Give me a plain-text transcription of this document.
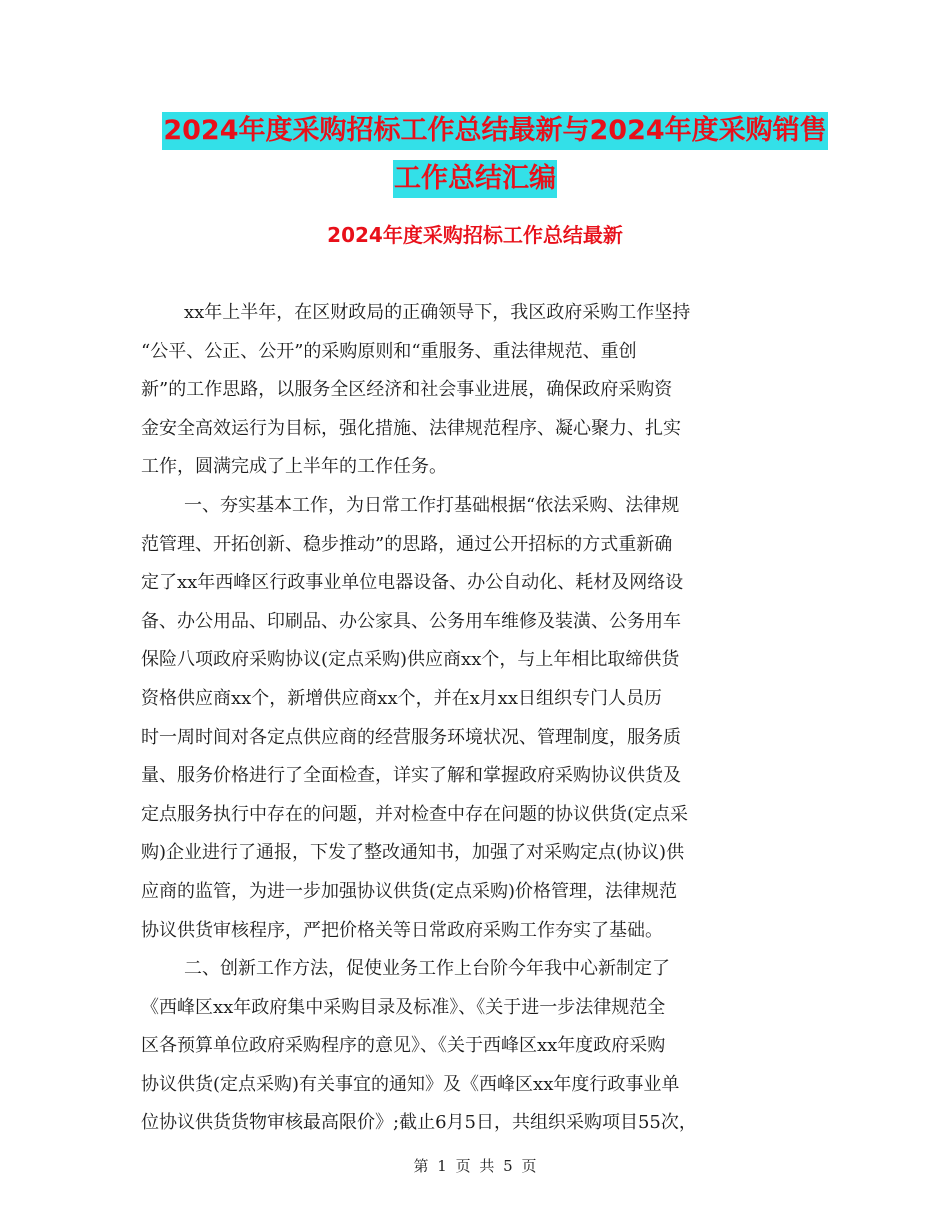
2024年度采购招标工作总结最新与2024年度采购销售
工作总结汇编
2024年度采购招标工作总结最新
xx年上半年，在区财政局的正确领导下，我区政府采购工作坚持
“公平、公正、公开”的采购原则和“重服务、重法律规范、重创
新”的工作思路，以服务全区经济和社会事业进展，确保政府采购资
金安全高效运行为目标，强化措施、法律规范程序、凝心聚力、扎实
工作，圆满完成了上半年的工作任务。
一、夯实基本工作，为日常工作打基础根据“依法采购、法律规
范管理、开拓创新、稳步推动”的思路，通过公开招标的方式重新确
定了xx年西峰区行政事业单位电器设备、办公自动化、耗材及网络设
备、办公用品、印刷品、办公家具、公务用车维修及装潢、公务用车
保险八项政府采购协议(定点采购)供应商xx个，与上年相比取缔供货
资格供应商xx个，新增供应商xx个，并在x月xx日组织专门人员历
时一周时间对各定点供应商的经营服务环境状况、管理制度，服务质
量、服务价格进行了全面检查，详实了解和掌握政府采购协议供货及
定点服务执行中存在的问题，并对检查中存在问题的协议供货(定点采
购)企业进行了通报，下发了整改通知书，加强了对采购定点(协议)供
应商的监管，为进一步加强协议供货(定点采购)价格管理，法律规范
协议供货审核程序，严把价格关等日常政府采购工作夯实了基础。
二、创新工作方法，促使业务工作上台阶今年我中心新制定了
《西峰区xx年政府集中采购目录及标准》、《关于进一步法律规范全
区各预算单位政府采购程序的意见》、《关于西峰区xx年度政府采购
协议供货(定点采购)有关事宜的通知》及《西峰区xx年度行政事业单
位协议供货货物审核最高限价》;截止6月5日，共组织采购项目55次，
第 1 页 共 5 页
